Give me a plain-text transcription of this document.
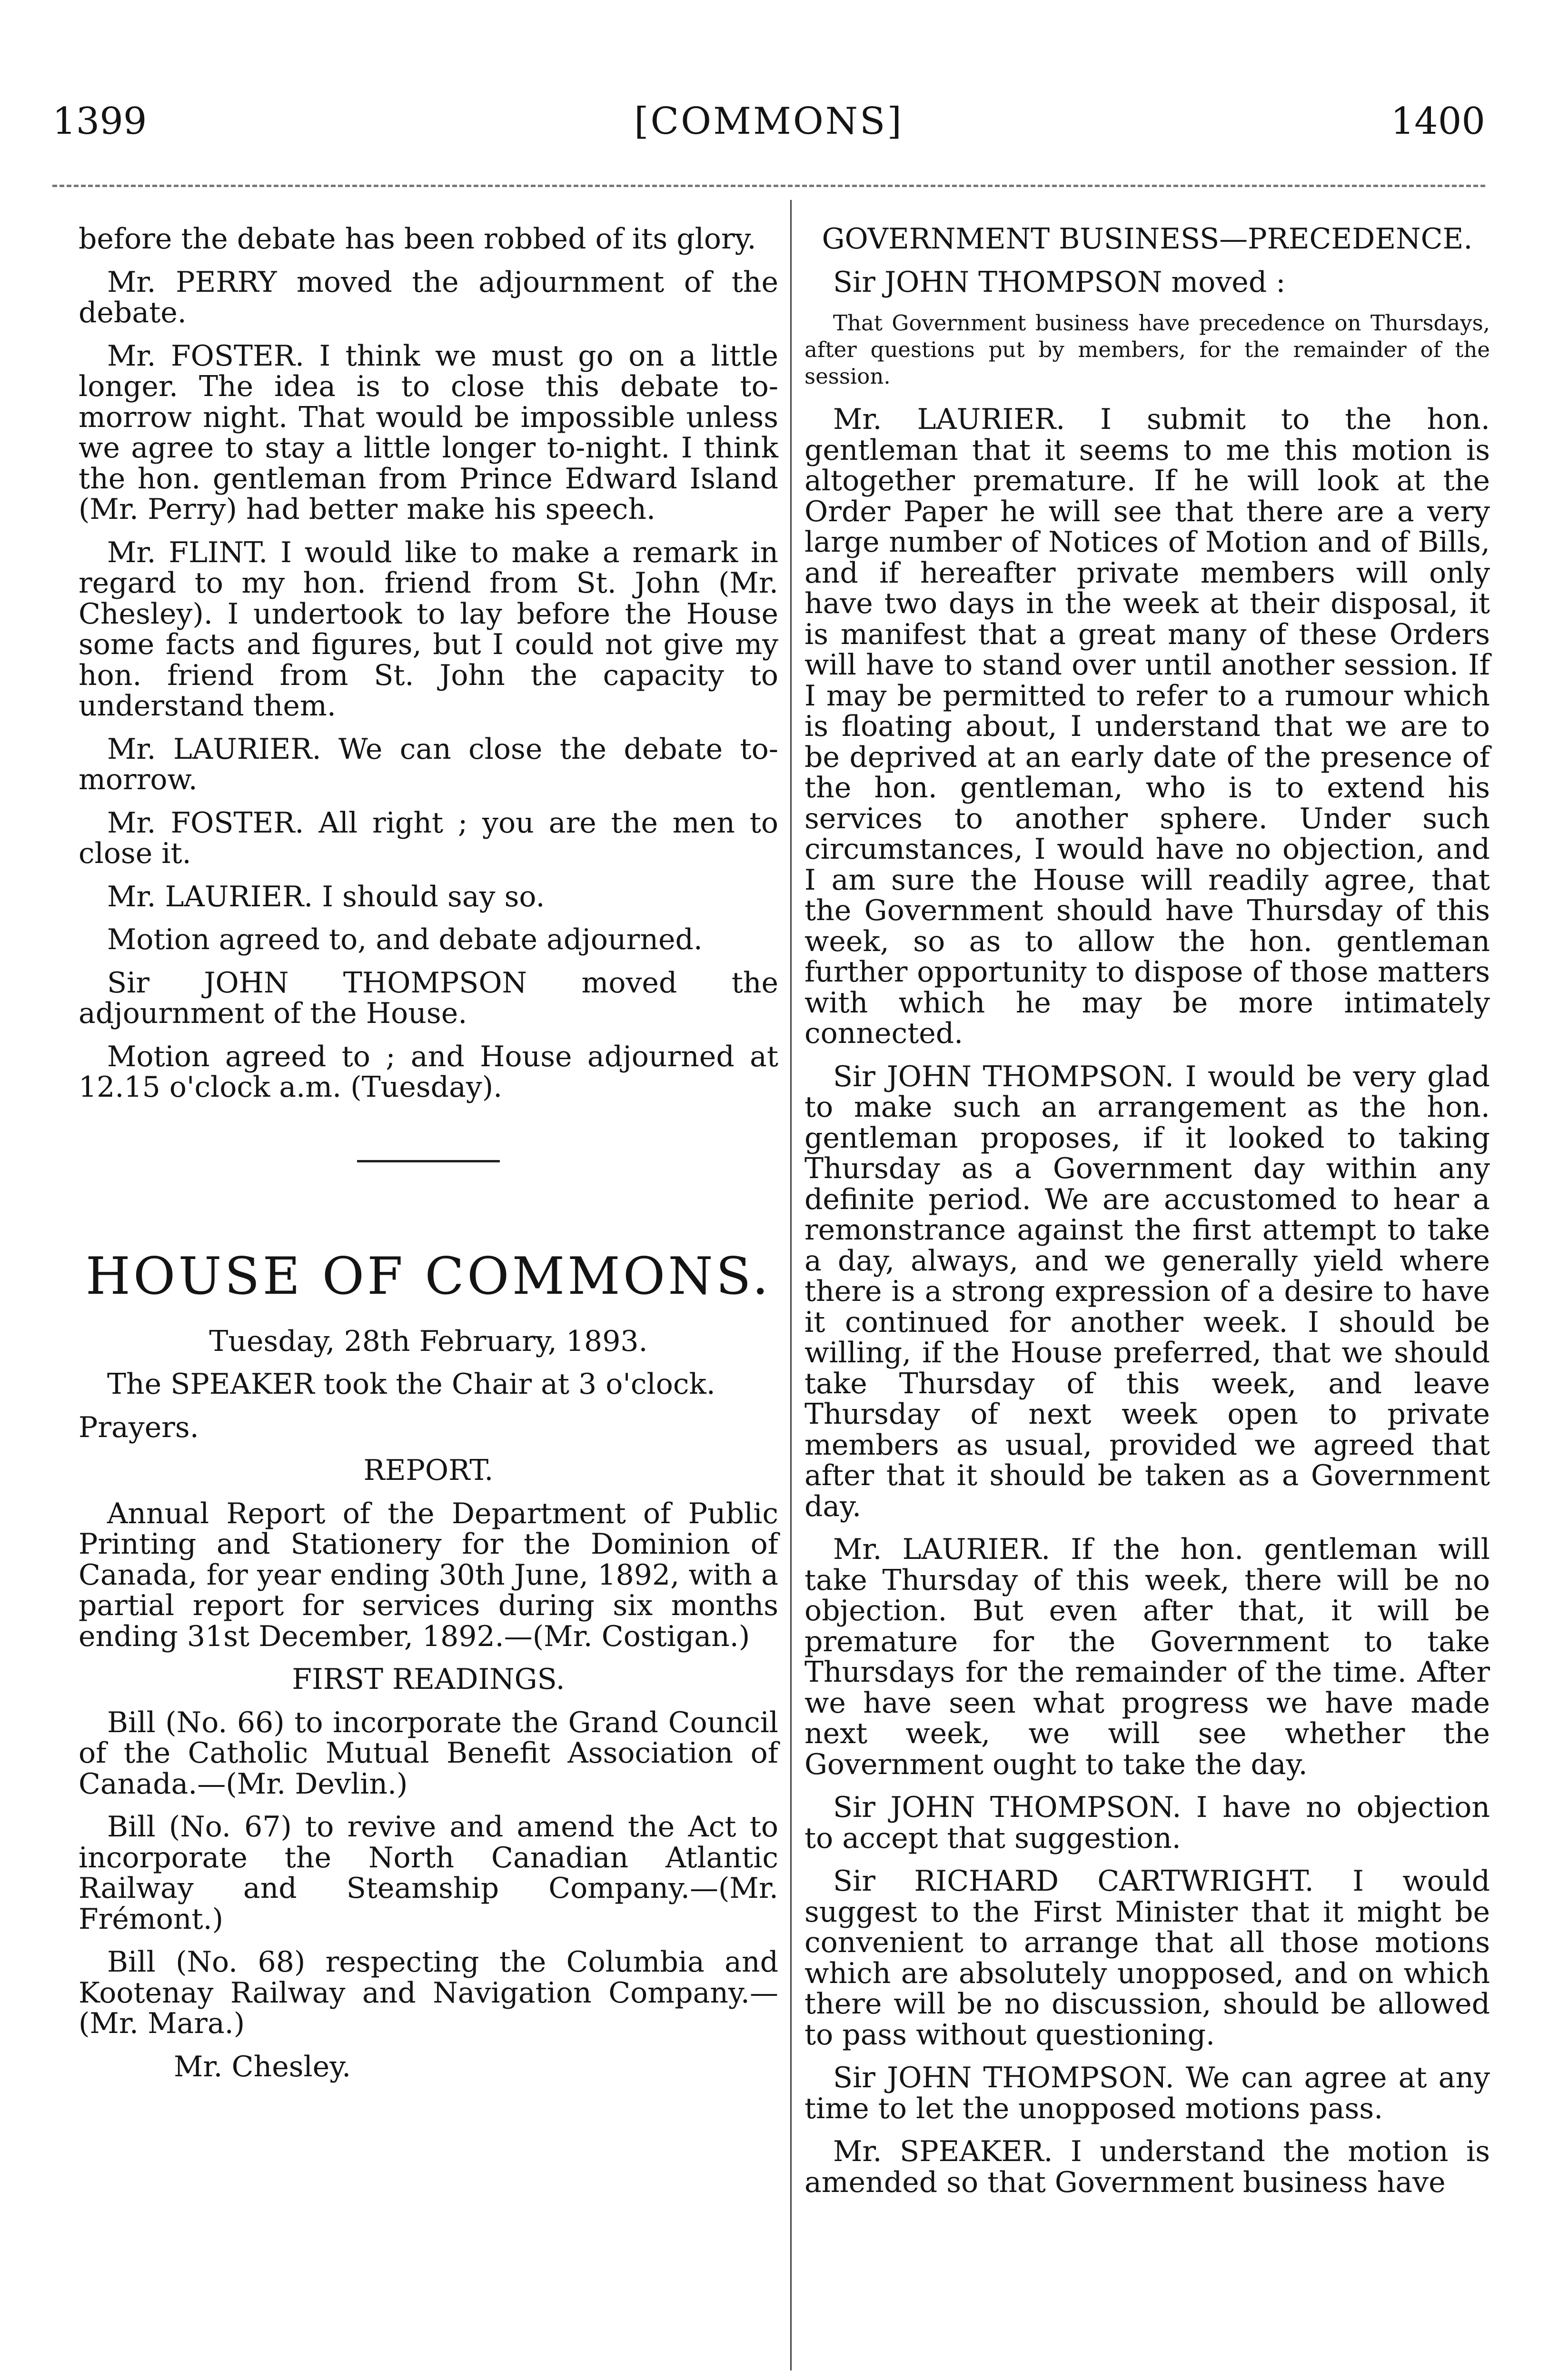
1399	[COMMONS]	1400

before the debate has been robbed of its glory.

Mr. PERRY moved the adjournment of the debate.

Mr. FOSTER. I think we must go on a little longer. The idea is to close this debate to-morrow night. That would be impossible unless we agree to stay a little longer to-night. I think the hon. gentleman from Prince Edward Island (Mr. Perry) had better make his speech.

Mr. FLINT. I would like to make a remark in regard to my hon. friend from St. John (Mr. Chesley). I undertook to lay before the House some facts and figures, but I could not give my hon. friend from St. John the capacity to understand them.

Mr. LAURIER. We can close the debate to-morrow.

Mr. FOSTER. All right ; you are the men to close it.

Mr. LAURIER. I should say so.

Motion agreed to, and debate adjourned.

Sir JOHN THOMPSON moved the adjournment of the House.

Motion agreed to ; and House adjourned at 12.15 o'clock a.m. (Tuesday).

HOUSE OF COMMONS.

Tuesday, 28th February, 1893.

The SPEAKER took the Chair at 3 o'clock.

Prayers.

REPORT.

Annual Report of the Department of Public Printing and Stationery for the Dominion of Canada, for year ending 30th June, 1892, with a partial report for services during six months ending 31st December, 1892.—(Mr. Costigan.)

FIRST READINGS.

Bill (No. 66) to incorporate the Grand Council of the Catholic Mutual Benefit Association of Canada.—(Mr. Devlin.)

Bill (No. 67) to revive and amend the Act to incorporate the North Canadian Atlantic Railway and Steamship Company.—(Mr. Frémont.)

Bill (No. 68) respecting the Columbia and Kootenay Railway and Navigation Company.—(Mr. Mara.)

Mr. Chesley.

GOVERNMENT BUSINESS—PRECEDENCE.

Sir JOHN THOMPSON moved :

That Government business have precedence on Thursdays, after questions put by members, for the remainder of the session.

Mr. LAURIER. I submit to the hon. gentleman that it seems to me this motion is altogether premature. If he will look at the Order Paper he will see that there are a very large number of Notices of Motion and of Bills, and if hereafter private members will only have two days in the week at their disposal, it is manifest that a great many of these Orders will have to stand over until another session. If I may be permitted to refer to a rumour which is floating about, I understand that we are to be deprived at an early date of the presence of the hon. gentleman, who is to extend his services to another sphere. Under such circumstances, I would have no objection, and I am sure the House will readily agree, that the Government should have Thursday of this week, so as to allow the hon. gentleman further opportunity to dispose of those matters with which he may be more intimately connected.

Sir JOHN THOMPSON. I would be very glad to make such an arrangement as the hon. gentleman proposes, if it looked to taking Thursday as a Government day within any definite period. We are accustomed to hear a remonstrance against the first attempt to take a day, always, and we generally yield where there is a strong expression of a desire to have it continued for another week. I should be willing, if the House preferred, that we should take Thursday of this week, and leave Thursday of next week open to private members as usual, provided we agreed that after that it should be taken as a Government day.

Mr. LAURIER. If the hon. gentleman will take Thursday of this week, there will be no objection. But even after that, it will be premature for the Government to take Thursdays for the remainder of the time. After we have seen what progress we have made next week, we will see whether the Government ought to take the day.

Sir JOHN THOMPSON. I have no objection to accept that suggestion.

Sir RICHARD CARTWRIGHT. I would suggest to the First Minister that it might be convenient to arrange that all those motions which are absolutely unopposed, and on which there will be no discussion, should be allowed to pass without questioning.

Sir JOHN THOMPSON. We can agree at any time to let the unopposed motions pass.

Mr. SPEAKER. I understand the motion is amended so that Government business have
